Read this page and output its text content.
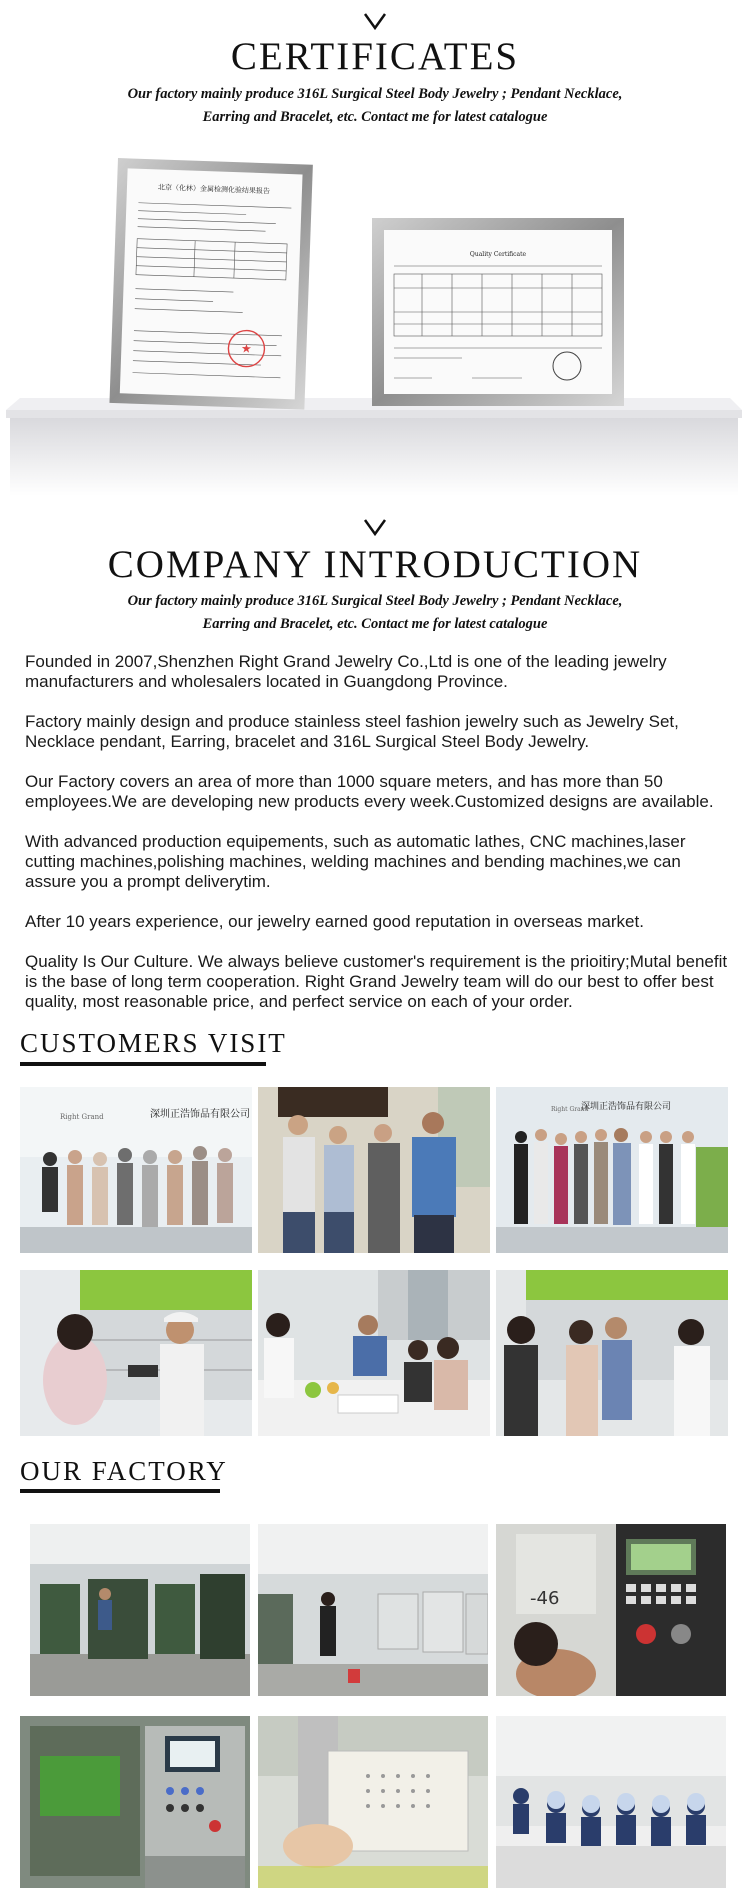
CERTIFICATES
Our factory mainly produce 316L Surgical Steel Body Jewelry ; Pendant Necklace,
Earring and Bracelet, etc. Contact me for latest catalogue
北京（化林）金属检测化验结果报告
★
Quality Certificate
COMPANY INTRODUCTION
Our factory mainly produce 316L Surgical Steel Body Jewelry ; Pendant Necklace,
Earring and Bracelet, etc. Contact me for latest catalogue

Founded in 2007,Shenzhen Right Grand Jewelry Co.,Ltd is one of the leading jewelry manufacturers and wholesalers located in Guangdong Province.

Factory mainly design and produce stainless steel fashion jewelry such as Jewelry Set, Necklace pendant, Earring, bracelet and 316L Surgical Steel Body Jewelry.

Our Factory covers an area of more than 1000 square meters, and has more than 50 employees.We are developing new products every week.Customized designs are available.

With advanced production equipements, such as automatic lathes, CNC machines,laser cutting machines,polishing machines, welding machines and bending machines,we can assure you a prompt deliverytim.

After 10 years experience, our jewelry earned good reputation in overseas market.

Quality Is Our Culture. We always believe customer's requirement is the prioitiry;Mutal benefit is the base of long term cooperation. Right Grand Jewelry team will do our best to offer best quality, most reasonable price, and perfect service on each of your order.

CUSTOMERS VISIT
深圳正浩饰品有限公司
Right Grand
深圳正浩饰品有限公司
Right Grand
OUR FACTORY
-46
